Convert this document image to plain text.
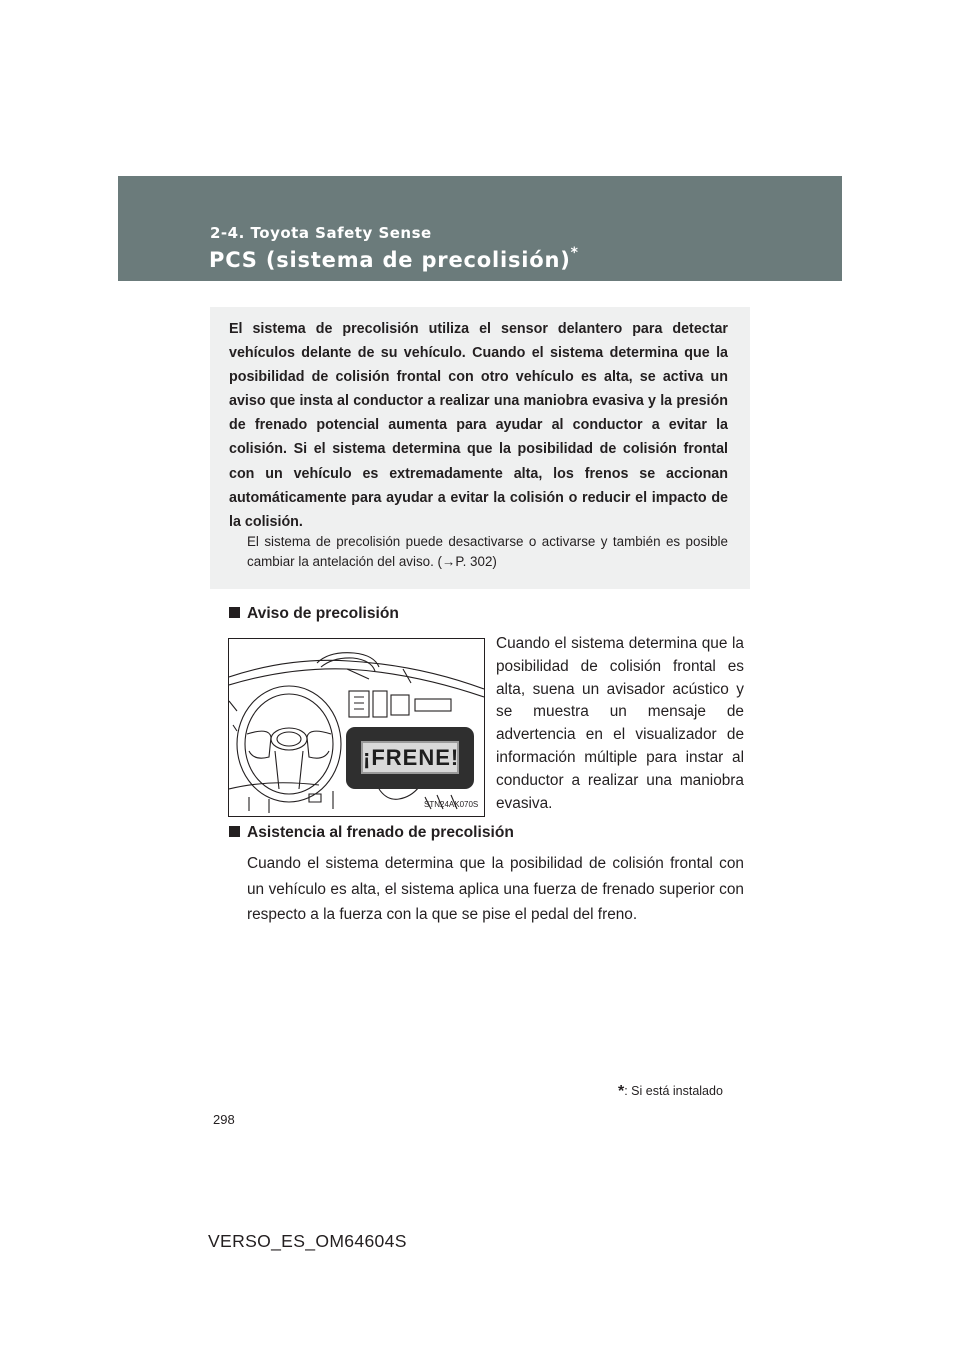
2-4. Toyota Safety Sense
PCS (sistema de precolisión)*

El sistema de precolisión utiliza el sensor delantero para detectar vehículos delante de su vehículo. Cuando el sistema determina que la posibilidad de colisión frontal con otro vehículo es alta, se activa un aviso que insta al conductor a realizar una maniobra evasiva y la presión de frenado potencial aumenta para ayudar al conductor a evitar la colisión. Si el sistema determina que la posibilidad de colisión frontal con un vehículo es extremadamente alta, los frenos se accionan automáticamente para ayudar a evitar la colisión o reducir el impacto de la colisión.

El sistema de precolisión puede desactivarse o activarse y también es posible cambiar la antelación del aviso. (→P. 302)

Aviso de precolisión

Cuando el sistema determina que la posibilidad de colisión frontal es alta, suena un avisador acústico y se muestra un mensaje de advertencia en el visualizador de información múltiple para instar al conductor a realizar una maniobra evasiva.

¡FRENE!
STN24AK070S
Asistencia al frenado de precolisión

Cuando el sistema determina que la posibilidad de colisión frontal con un vehículo es alta, el sistema aplica una fuerza de frenado superior con respecto a la fuerza con la que se pise el pedal del freno.

*: Si está instalado
298
VERSO_ES_OM64604S
